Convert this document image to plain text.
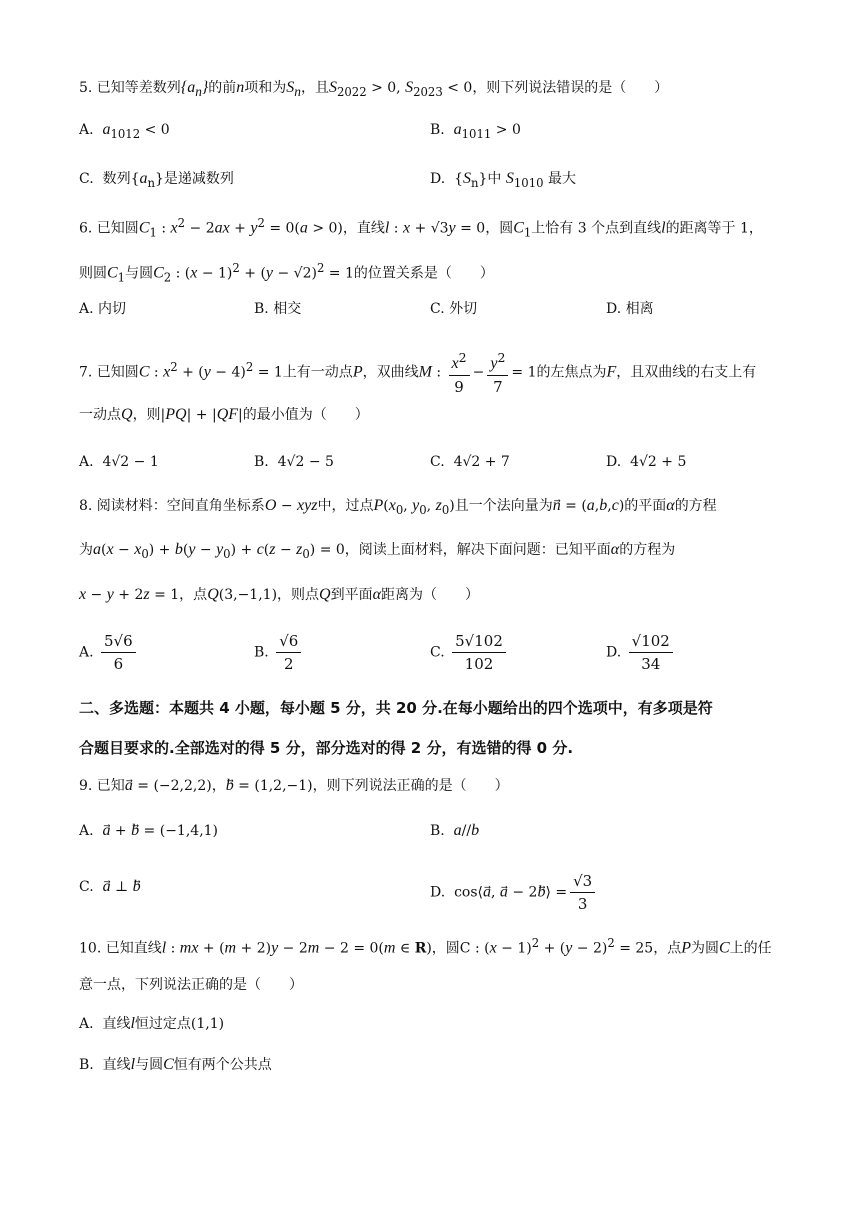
5. 已知等差数列$\{a_n\}$的前n项和为$S_n$，且$S_{2022} > 0$, $S_{2023} < 0$，则下列说法错误的是（　　）
A.  $a_{1012} < 0$	B.  $a_{1011} > 0$
C.  数列$\{a_n\}$是递减数列	D.  $\{S_n\}$中 $S_{1010}$ 最大
6. 已知圆$C_1$ : $x^2 - 2ax + y^2 = 0(a > 0)$，直线l : x + √3y = 0，圆$C_1$上恰有 3 个点到直线l的距离等于 1，
则圆$C_1$与圆$C_2$ : $(x - 1)^2 + (y - √2)^2 = 1$的位置关系是（　　）
A. 内切	B. 相交	C. 外切	D. 相离
7. 已知圆C : $x^2 + (y - 4)^2 = 1$上有一动点P，双曲线M : $\frac{x^2}{9} - \frac{y^2}{7} = 1$的左焦点为F，且双曲线的右支上有
一动点Q，则|PQ| + |QF|的最小值为（　　）
A.  4√2 − 1	B.  4√2 − 5	C.  4√2 + 7	D.  4√2 + 5
8. 阅读材料：空间直角坐标系O − xyz中，过点$P(x_0$, $y_0$, $z_0$)且一个法向量为n⃗ = (a,b,c)的平面α的方程
为$a(x - x_0) + b(y - y_0) + c(z - z_0) = 0$，阅读上面材料，解决下面问题：已知平面α的方程为
x − y + 2z = 1，点Q(3,−1,1)，则点Q到平面α距离为（　　）
A. $\frac{5√6}{6}$	B. $\frac{√6}{2}$	C. $\frac{5√102}{102}$	D. $\frac{√102}{34}$
二、多选题：本题共 4 小题，每小题 5 分，共 20 分.在每小题给出的四个选项中，有多项是符
合题目要求的.全部选对的得 5 分，部分选对的得 2 分，有选错的得 0 分.
9. 已知a⃗ = (−2,2,2)，b⃗ = (1,2,−1)，则下列说法正确的是（　　）
A.  a⃗ + b⃗ = (−1,4,1)	B.  a//b
C.  a⃗ ⊥ b	D.  cos⟨a⃗, a⃗ − 2b⃗⟩ = $\frac{√3}{3}$
10. 已知直线l : mx + (m + 2)y − 2m − 2 = 0(m ∈ R)，圆C : $(x - 1)^2 + (y - 2)^2 = 25$，点P为圆C上的任
意一点，下列说法正确的是（　　）
A.  直线l恒过定点(1,1)
B.  直线l与圆C恒有两个公共点
